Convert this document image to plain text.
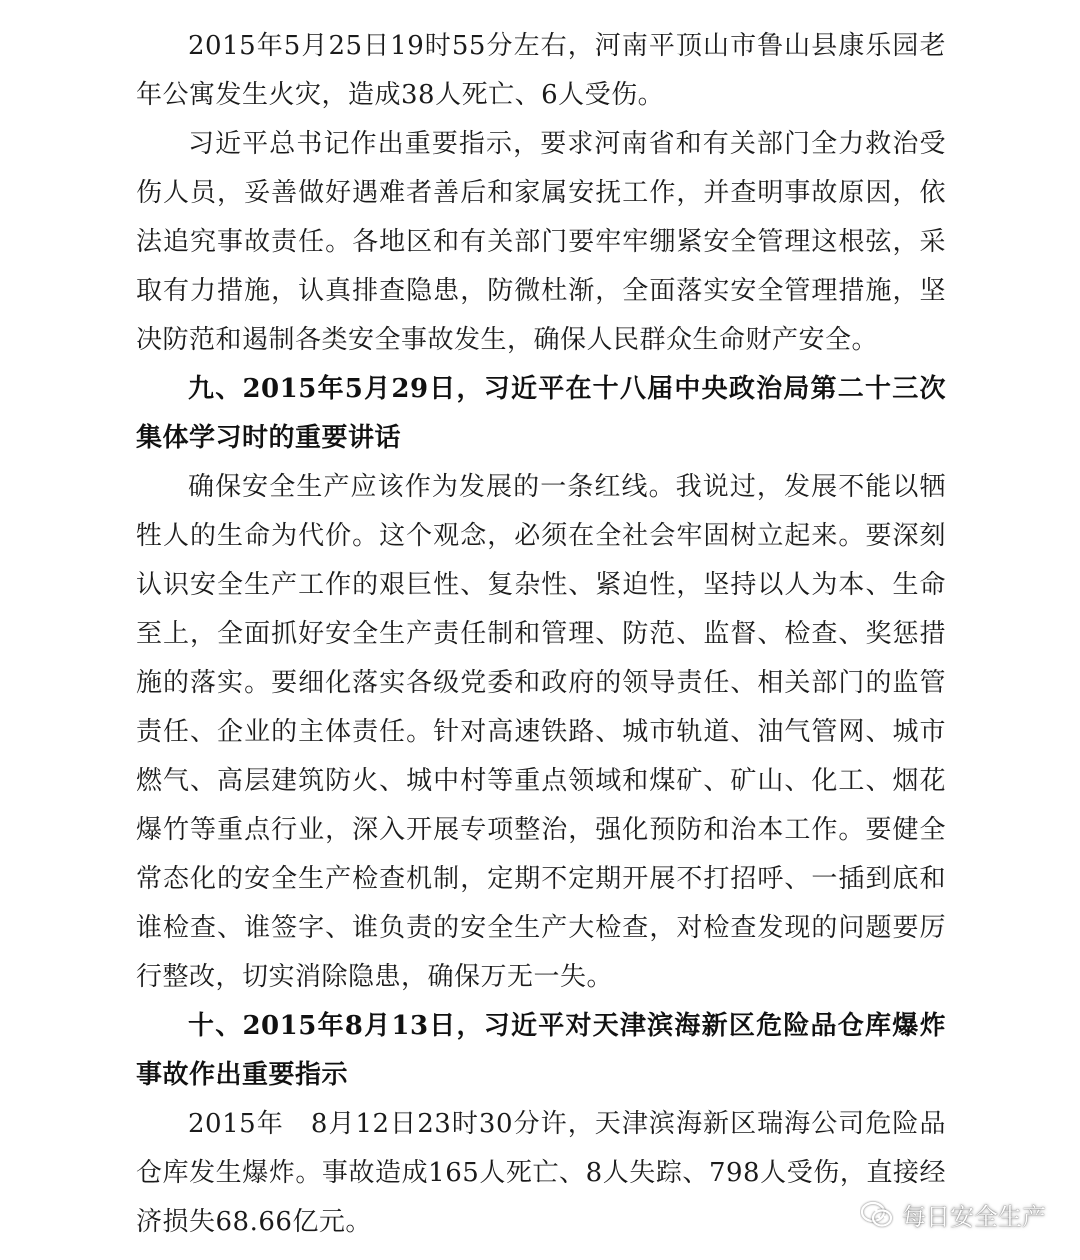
2015年5月25日19时55分左右，河南平顶山市鲁山县康乐园老年公寓发生火灾，造成38人死亡、6人受伤。

习近平总书记作出重要指示，要求河南省和有关部门全力救治受伤人员，妥善做好遇难者善后和家属安抚工作，并查明事故原因，依法追究事故责任。各地区和有关部门要牢牢绷紧安全管理这根弦，采取有力措施，认真排查隐患，防微杜渐，全面落实安全管理措施，坚决防范和遏制各类安全事故发生，确保人民群众生命财产安全。

九、2015年5月29日，习近平在十八届中央政治局第二十三次集体学习时的重要讲话

确保安全生产应该作为发展的一条红线。我说过，发展不能以牺牲人的生命为代价。这个观念，必须在全社会牢固树立起来。要深刻认识安全生产工作的艰巨性、复杂性、紧迫性，坚持以人为本、生命至上，全面抓好安全生产责任制和管理、防范、监督、检查、奖惩措施的落实。要细化落实各级党委和政府的领导责任、相关部门的监管责任、企业的主体责任。针对高速铁路、城市轨道、油气管网、城市燃气、高层建筑防火、城中村等重点领域和煤矿、矿山、化工、烟花爆竹等重点行业，深入开展专项整治，强化预防和治本工作。要健全常态化的安全生产检查机制，定期不定期开展不打招呼、一插到底和谁检查、谁签字、谁负责的安全生产大检查，对检查发现的问题要厉行整改，切实消除隐患，确保万无一失。

十、2015年8月13日，习近平对天津滨海新区危险品仓库爆炸事故作出重要指示

2015年　8月12日23时30分许，天津滨海新区瑞海公司危险品仓库发生爆炸。事故造成165人死亡、8人失踪、798人受伤，直接经济损失68.66亿元。	每日安全生产
